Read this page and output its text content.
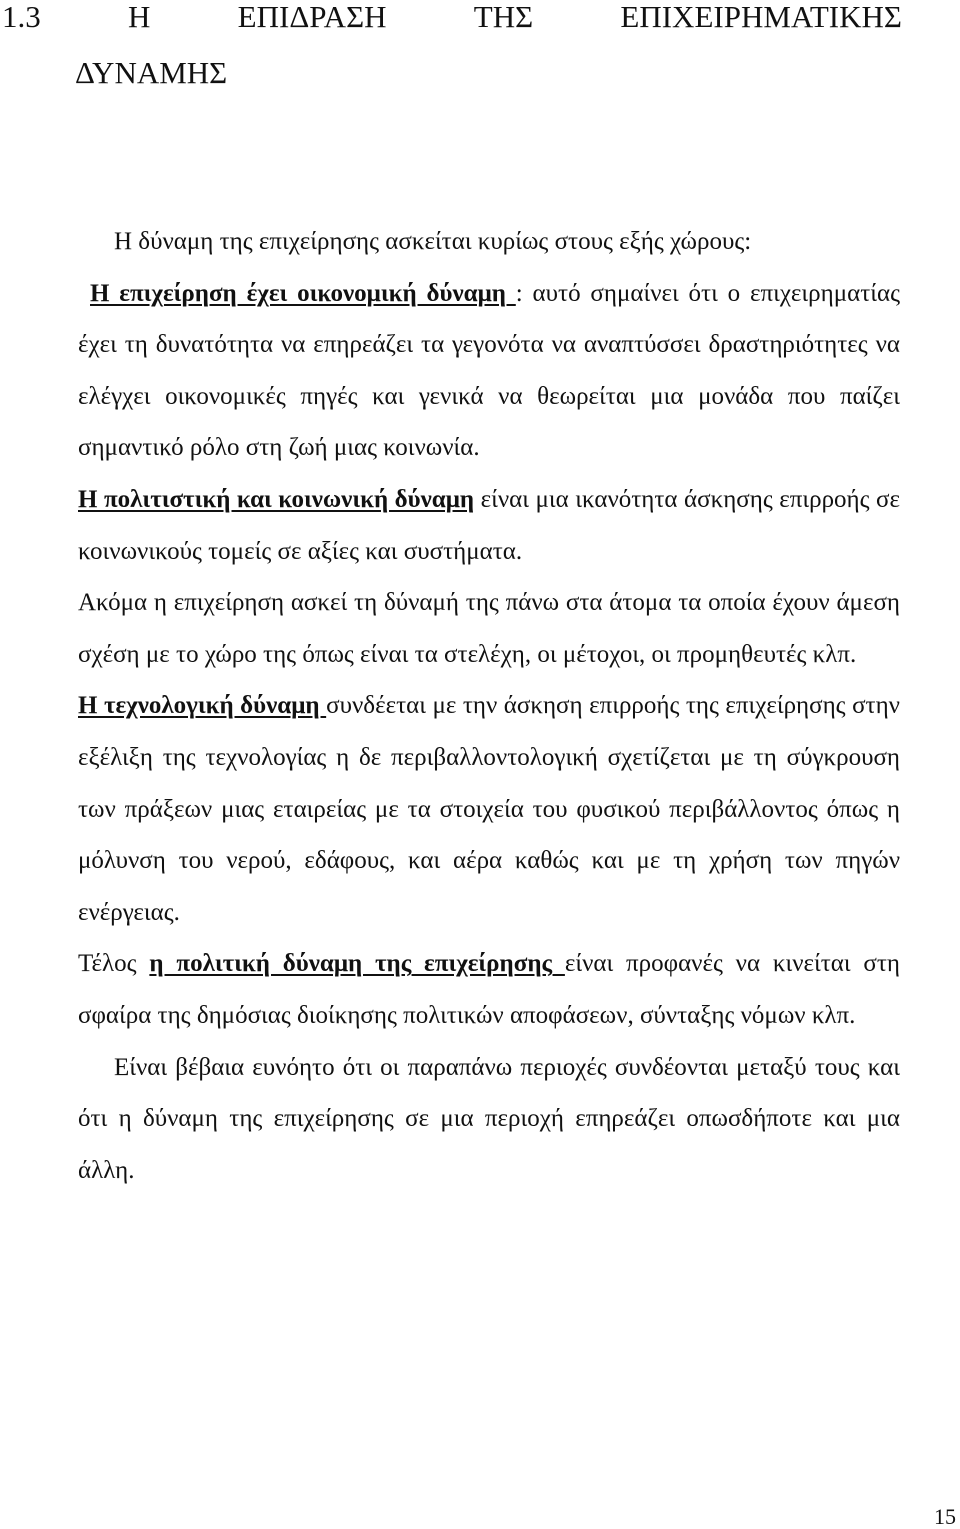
1.3	Η	ΕΠΙΔΡΑΣΗ	ΤΗΣ	ΕΠΙΧΕΙΡΗΜΑΤΙΚΗΣ
ΔΥΝΑΜΗΣ

Η δύναμη της επιχείρησης ασκείται κυρίως στους εξής χώρους:

Η επιχείρηση έχει οικονομική δύναμη : αυτό σημαίνει ότι ο επιχειρηματίας έχει τη δυνατότητα να επηρεάζει τα γεγονότα να αναπτύσσει δραστηριότητες να ελέγχει οικονομικές πηγές και γενικά να θεωρείται μια μονάδα που παίζει σημαντικό ρόλο στη ζωή μιας κοινωνία.

Η πολιτιστική και κοινωνική δύναμη είναι μια ικανότητα άσκησης επιρροής σε κοινωνικούς τομείς σε αξίες και συστήματα.

Ακόμα η επιχείρηση ασκεί τη δύναμή της πάνω στα άτομα τα οποία έχουν άμεση σχέση με το χώρο της όπως είναι τα στελέχη, οι μέτοχοι, οι προμηθευτές κλπ.

Η τεχνολογική δύναμη συνδέεται με την άσκηση επιρροής της επιχείρησης στην εξέλιξη της τεχνολογίας η δε περιβαλλοντολογική σχετίζεται με τη σύγκρουση των πράξεων μιας εταιρείας με τα στοιχεία του φυσικού περιβάλλοντος όπως η μόλυνση του νερού, εδάφους, και αέρα καθώς και με τη χρήση των πηγών ενέργειας.

Τέλος η πολιτική δύναμη της επιχείρησης είναι προφανές να κινείται στη σφαίρα της δημόσιας διοίκησης πολιτικών αποφάσεων, σύνταξης νόμων κλπ.

Είναι βέβαια ευνόητο ότι οι παραπάνω περιοχές συνδέονται μεταξύ τους και ότι η δύναμη της επιχείρησης σε μια περιοχή επηρεάζει οπωσδήποτε και μια άλλη.

15
